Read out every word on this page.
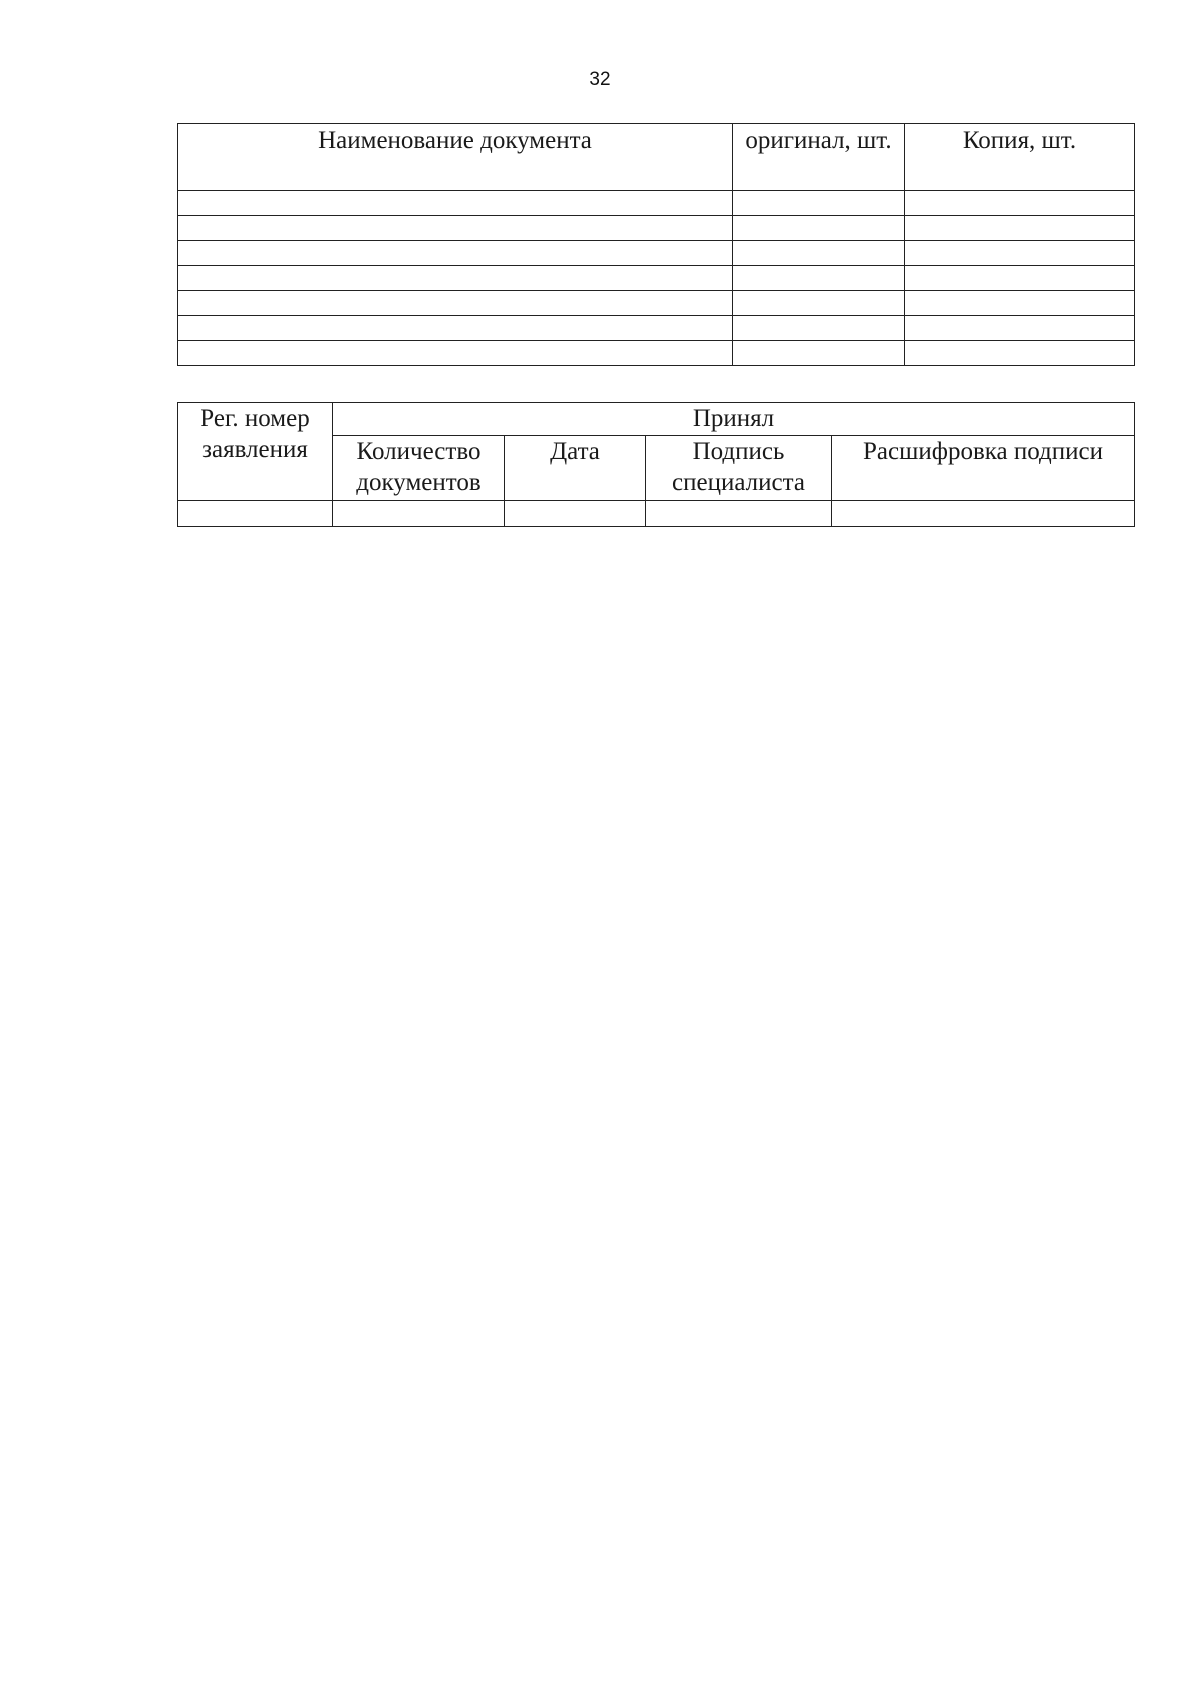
32
Наименование документа	оригинал, шт.	Копия, шт.

Рег. номер заявления	Принял			
	Количество документов	Дата	Подпись специалиста	Расшифровка подписи
